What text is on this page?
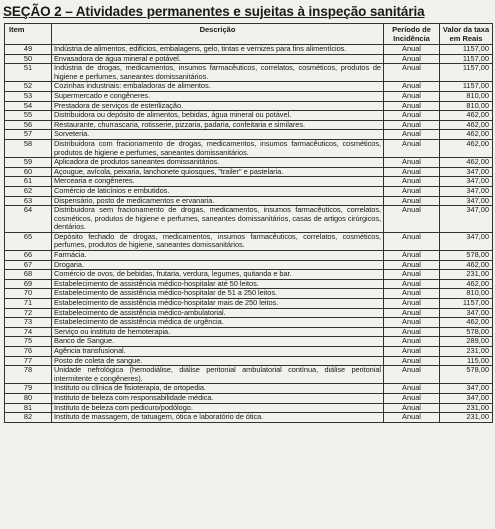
SEÇÃO 2 – Atividades permanentes e sujeitas à inspeção sanitária
Item	Descrição	Período de Incidência	Valor da taxa em Reais
49	Indústria de alimentos, edifícios, embalagens, gelo, tintas e vernizes para fins alimentícios.	Anual	1157,00
50	Envasadora de água mineral e potável.	Anual	1157,00
51	Indústria de drogas, medicamentos, insumos farmacêuticos, correlatos, cosméticos, produtos de higiene e perfumes, saneantes domissanitários.	Anual	1157,00
52	Cozinhas industriais: embaladoras de alimentos.	Anual	1157,00
53	Supermercado e congêneres.	Anual	810,00
54	Prestadora de serviços de esterilização.	Anual	810,00
55	Distribuidora ou depósito de alimentos, bebidas, água mineral ou potável.	Anual	462,00
56	Restaurante, churrascaria, rotisserie, pizzaria, padaria, confeitaria e similares.	Anual	462,00
57	Sorveteria.	Anual	462,00
58	Distribuidora com fracionamento de drogas, medicamentos, insumos farmacêuticos, cosméticos, produtos de higiene e perfumes, saneantes domissanitários.	Anual	462,00
59	Aplicadora de produtos saneantes domissanitários.	Anual	462,00
60	Açougue, avícola, peixaria, lanchonete quiosques, "trailer" e pastelaria.	Anual	347,00
61	Mercearia e congêneres.	Anual	347,00
62	Comércio de laticínios e embutidos.	Anual	347,00
63	Dispensário, posto de medicamentos e ervanaria.	Anual	347,00
64	Distribuidora sem fracionamento de drogas, medicamentos, insumos farmacêuticos, correlatos, cosméticos, produtos de higiene e perfumes, saneantes domissanitários, casas de artigos cirúrgicos, dentários.	Anual	347,00
65	Depósito fechado de drogas, medicamentos, insumos farmacêuticos, correlatos, cosméticos, perfumes, produtos de higiene, saneantes domissanitários.	Anual	347,00
66	Farmácia.	Anual	578,00
67	Drogaria.	Anual	462,00
68	Comércio de ovos, de bebidas, frutaria, verdura, legumes, quitanda e bar.	Anual	231,00
69	Estabelecimento de assistência médico-hospitalar até 50 leitos.	Anual	462,00
70	Estabelecimento de assistência médico-hospitalar de 51 a 250 leitos.	Anual	810,00
71	Estabelecimento de assistência médico-hospitalar mais de 250 leitos.	Anual	1157,00
72	Estabelecimento de assistência médico-ambulatorial.	Anual	347,00
73	Estabelecimento de assistência médica de urgência.	Anual	462,00
74	Serviço ou instituto de hemoterapia.	Anual	578,00
75	Banco de Sangue.	Anual	289,00
76	Agência transfusional.	Anual	231,00
77	Posto de coleta de sangue.	Anual	115,00
78	Unidade nefrológica (hemodiálise, diálise peritonial ambulatorial contínua, diálise peritonial intermitente e congêneres).	Anual	578,00
79	Instituto ou clínica de fisioterapia, de ortopedia.	Anual	347,00
80	Instituto de beleza com responsabilidade médica.	Anual	347,00
81	Instituto de beleza com pedicuro/podólogo.	Anual	231,00
82	Instituto de massagem, de tatuagem, ótica e laboratório de ótica.	Anual	231,00
